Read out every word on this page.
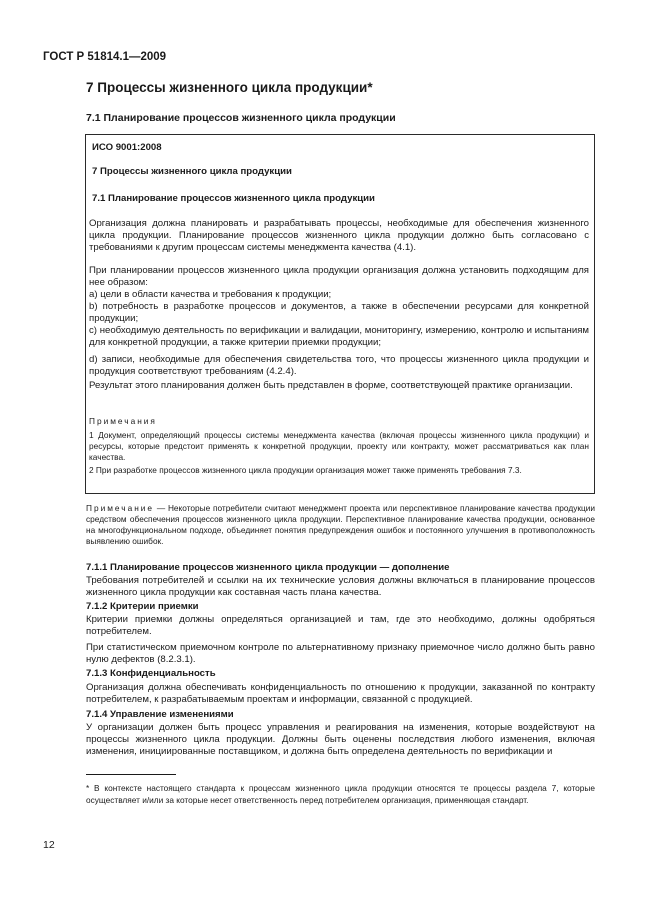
ГОСТ Р 51814.1—2009
7 Процессы жизненного цикла продукции*
7.1 Планирование процессов жизненного цикла продукции
ИСО 9001:2008
7 Процессы жизненного цикла продукции
7.1 Планирование процессов жизненного цикла продукции
Организация должна планировать и разрабатывать процессы, необходимые для обеспечения жизненного цикла продукции. Планирование процессов жизненного цикла продукции должно быть согласовано с требованиями к другим процессам системы менеджмента качества (4.1).
При планировании процессов жизненного цикла продукции организация должна установить подходящим для нее образом:
a) цели в области качества и требования к продукции;
b) потребность в разработке процессов и документов, а также в обеспечении ресурсами для конкретной продукции;
c) необходимую деятельность по верификации и валидации, мониторингу, измерению, контролю и испытаниям для конкретной продукции, а также критерии приемки продукции;
d) записи, необходимые для обеспечения свидетельства того, что процессы жизненного цикла продукции и продукция соответствуют требованиям (4.2.4).
Результат этого планирования должен быть представлен в форме, соответствующей практике организации.
Примечания
1 Документ, определяющий процессы системы менеджмента качества (включая процессы жизненного цикла продукции) и ресурсы, которые предстоит применять к конкретной продукции, проекту или контракту, может рассматриваться как план качества.
2 При разработке процессов жизненного цикла продукции организация может также применять требования 7.3.
Примечание — Некоторые потребители считают менеджмент проекта или перспективное планирование качества продукции средством обеспечения процессов жизненного цикла продукции. Перспективное планирование качества продукции, основанное на многофункциональном подходе, объединяет понятия предупреждения ошибок и постоянного улучшения в противоположность выявлению ошибок.
7.1.1 Планирование процессов жизненного цикла продукции — дополнение
Требования потребителей и ссылки на их технические условия должны включаться в планирование процессов жизненного цикла продукции как составная часть плана качества.
7.1.2 Критерии приемки
Критерии приемки должны определяться организацией и там, где это необходимо, должны одобряться потребителем.
При статистическом приемочном контроле по альтернативному признаку приемочное число должно быть равно нулю дефектов (8.2.3.1).
7.1.3 Конфиденциальность
Организация должна обеспечивать конфиденциальность по отношению к продукции, заказанной по контракту потребителем, к разрабатываемым проектам и информации, связанной с продукцией.
7.1.4 Управление изменениями
У организации должен быть процесс управления и реагирования на изменения, которые воздействуют на процессы жизненного цикла продукции. Должны быть оценены последствия любого изменения, включая изменения, инициированные поставщиком, и должна быть определена деятельность по верификации и
* В контексте настоящего стандарта к процессам жизненного цикла продукции относятся те процессы раздела 7, которые осуществляет и/или за которые несет ответственность перед потребителем организация, применяющая стандарт.
12
